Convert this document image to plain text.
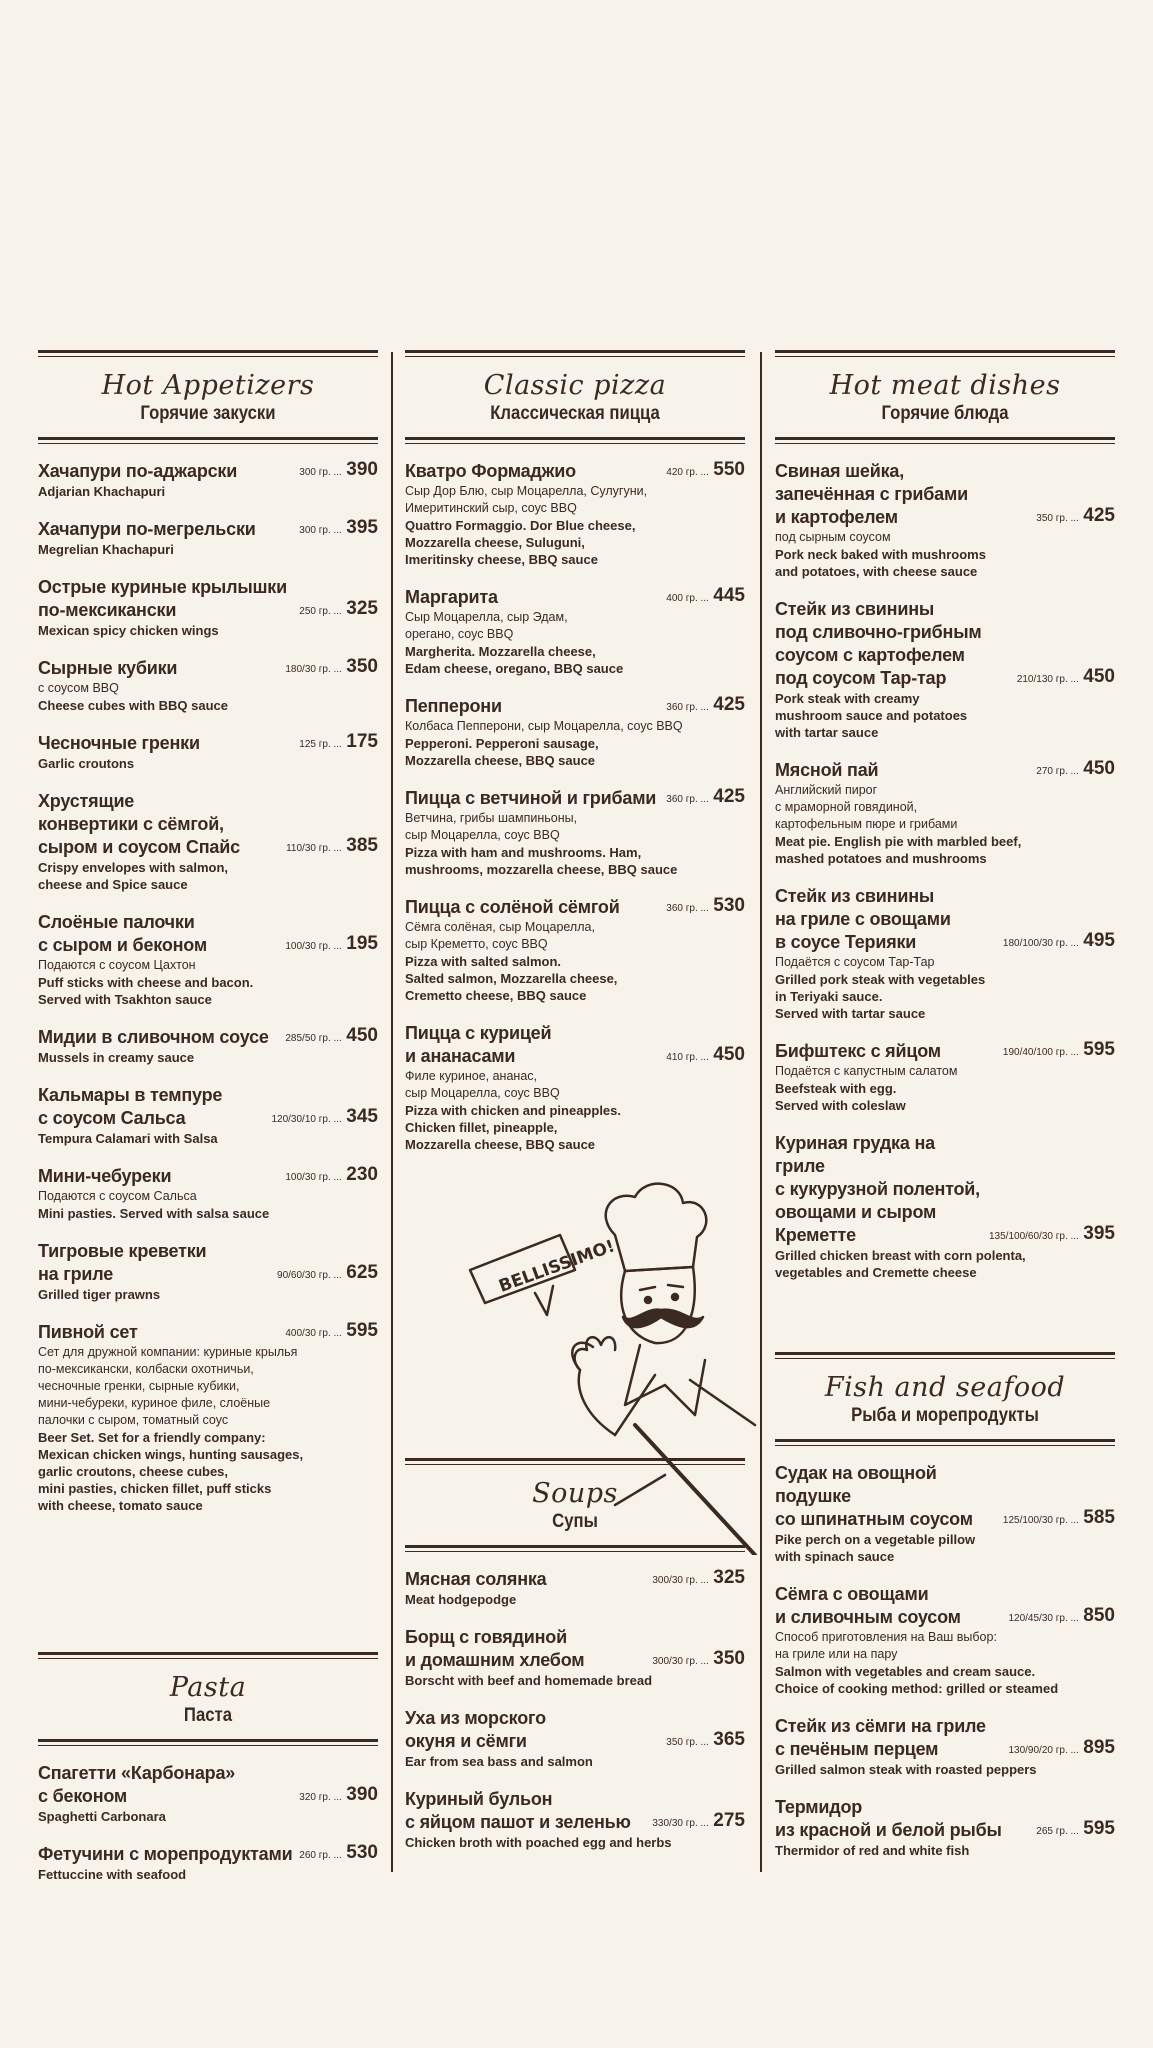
Hot Appetizers
Горячие закуски
Хачапури по-аджарски	300 гр. ... 390
Adjarian Khachapuri
Хачапури по-мегрельски	300 гр. ... 395
Megrelian Khachapuri
Острые куриные крылышки
по-мексикански	250 гр. ... 325
Mexican spicy chicken wings
Сырные кубики	180/30 гр. ... 350
с соусом BBQ
Cheese cubes with BBQ sauce
Чесночные гренки	125 гр. ... 175
Garlic croutons
Хрустящие
конвертики с сёмгой,
сыром и соусом Спайс	110/30 гр. ... 385
Crispy envelopes with salmon,
cheese and Spice sauce
Слоёные палочки
с сыром и беконом	100/30 гр. ... 195
Подаются с соусом Цахтон
Puff sticks with cheese and bacon.
Served with Tsakhton sauce
Мидии в сливочном соусе 285/50 гр. ... 450
Mussels in creamy sauce
Кальмары в темпуре
с соусом Сальса	120/30/10 гр. ... 345
Tempura Calamari with Salsa
Мини-чебуреки	100/30 гр. ... 230
Подаются с соусом Сальса
Mini pasties. Served with salsa sauce
Тигровые креветки
на гриле	90/60/30 гр. ... 625
Grilled tiger prawns
Пивной сет	400/30 гр. ... 595
Сет для дружной компании: куриные крылья
по-мексикански, колбаски охотничьи,
чесночные гренки, сырные кубики,
мини-чебуреки, куриное филе, слоёные
палочки с сыром, томатный соус
Beer Set. Set for a friendly company:
Mexican chicken wings, hunting sausages,
garlic croutons, cheese cubes,
mini pasties, chicken fillet, puff sticks
with cheese, tomato sauce
Pasta
Паста
Спагетти «Карбонара»
с беконом	320 гр. ... 390
Spaghetti Carbonara
Фетучини с морепродуктами 260 гр. ... 530
Fettuccine with seafood
Classic pizza
Классическая пицца
Кватро Формаджио	420 гр. ... 550
Сыр Дор Блю, сыр Моцарелла, Сулугуни,
Имеритинский сыр, соус BBQ
Quattro Formaggio. Dor Blue cheese,
Mozzarella cheese, Suluguni,
Imeritinsky cheese, BBQ sauce
Маргарита	400 гр. ... 445
Сыр Моцарелла, сыр Эдам,
орегано, соус BBQ
Margherita. Mozzarella cheese,
Edam cheese, oregano, BBQ sauce
Пепперони	360 гр. ... 425
Колбаса Пепперони, сыр Моцарелла, соус BBQ
Pepperoni. Pepperoni sausage,
Mozzarella cheese, BBQ sauce
Пицца с ветчиной и грибами 360 гр. ... 425
Ветчина, грибы шампиньоны,
сыр Моцарелла, соус BBQ
Pizza with ham and mushrooms. Ham,
mushrooms, mozzarella cheese, BBQ sauce
Пицца с солёной сёмгой	360 гр. ... 530
Сёмга солёная, сыр Моцарелла,
сыр Креметто, соус BBQ
Pizza with salted salmon.
Salted salmon, Mozzarella cheese,
Cremetto cheese, BBQ sauce
Пицца с курицей
и ананасами	410 гр. ... 450
Филе куриное, ананас,
сыр Моцарелла, соус BBQ
Pizza with chicken and pineapples.
Chicken fillet, pineapple,
Mozzarella cheese, BBQ sauce
Soups
Супы
Мясная солянка	300/30 гр. ... 325
Meat hodgepodge
Борщ с говядиной
и домашним хлебом	300/30 гр. ... 350
Borscht with beef and homemade bread
Уха из морского
окуня и сёмги	350 гр. ... 365
Ear from sea bass and salmon
Куриный бульон
с яйцом пашот и зеленью 330/30 гр. ... 275
Chicken broth with poached egg and herbs
Hot meat dishes
Горячие блюда
Свиная шейка,
запечённая с грибами
и картофелем	350 гр. ... 425
под сырным соусом
Pork neck baked with mushrooms
and potatoes, with cheese sauce
Стейк из свинины
под сливочно-грибным
соусом с картофелем
под соусом Тар-тар	210/130 гр. ... 450
Pork steak with creamy
mushroom sauce and potatoes
with tartar sauce
Мясной пай	270 гр. ... 450
Английский пирог
с мраморной говядиной,
картофельным пюре и грибами
Meat pie. English pie with marbled beef,
mashed potatoes and mushrooms
Стейк из свинины
на гриле с овощами
в соусе Терияки	180/100/30 гр. ... 495
Подаётся с соусом Тар-Тар
Grilled pork steak with vegetables
in Teriyaki sauce.
Served with tartar sauce
Бифштекс с яйцом	190/40/100 гр. ... 595
Подаётся с капустным салатом
Beefsteak with egg.
Served with coleslaw
Куриная грудка на гриле
с кукурузной полентой,
овощами и сыром
Креметте	135/100/60/30 гр. ... 395
Grilled chicken breast with corn polenta,
vegetables and Cremette cheese
Fish and seafood
Рыба и морепродукты
Судак на овощной подушке
со шпинатным соусом	125/100/30 гр. ... 585
Pike perch on a vegetable pillow
with spinach sauce
Сёмга с овощами
и сливочным соусом	120/45/30 гр. ... 850
Способ приготовления на Ваш выбор:
на гриле или на пару
Salmon with vegetables and cream sauce.
Choice of cooking method: grilled or steamed
Стейк из сёмги на гриле
с печёным перцем	130/90/20 гр. ... 895
Grilled salmon steak with roasted peppers
Термидор
из красной и белой рыбы	265 гр. ... 595
Thermidor of red and white fish
BELLISSIMO!
